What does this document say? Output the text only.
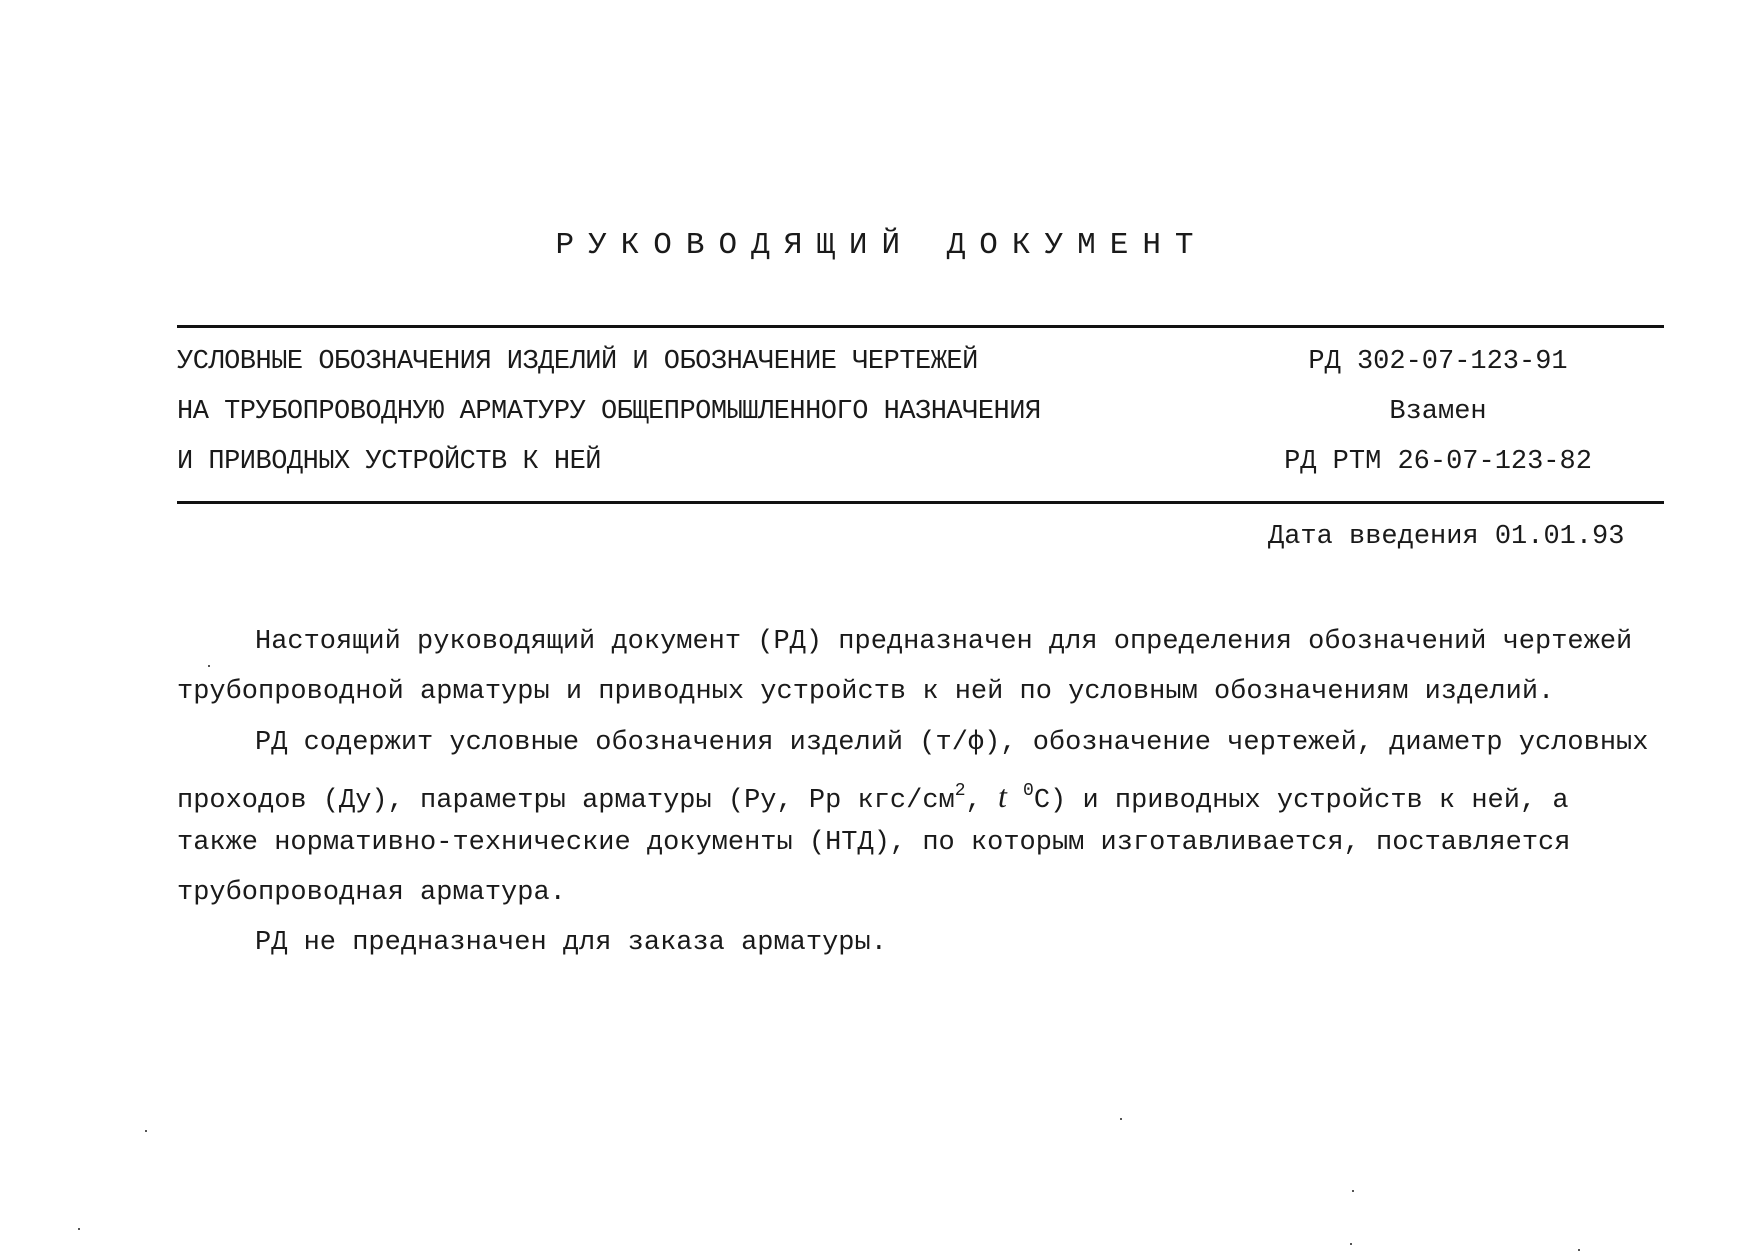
РУКОВОДЯЩИЙ ДОКУМЕНТ
УСЛОВНЫЕ ОБОЗНАЧЕНИЯ ИЗДЕЛИЙ И ОБОЗНАЧЕНИЕ ЧЕРТЕЖЕЙ
НА ТРУБОПРОВОДНУЮ АРМАТУРУ ОБЩЕПРОМЫШЛЕННОГО НАЗНАЧЕНИЯ
И ПРИВОДНЫХ УСТРОЙСТВ К НЕЙ
РД 302-07-123-91
Взамен
РД РТМ 26-07-123-82
Дата введения 01.01.93
Настоящий руководящий документ (РД) предназначен для определения обозначений чертежей
трубопроводной арматуры и приводных устройств к ней по условным обозначениям изделий.
РД содержит условные обозначения изделий (т/ф), обозначение чертежей, диаметр условных
проходов (Ду), параметры арматуры (Ру, Рр кгс/$см^2$, t $^0$С) и приводных устройств к ней, а
также нормативно-технические документы (НТД), по которым изготавливается, поставляется
трубопроводная арматура.
РД не предназначен для заказа арматуры.
